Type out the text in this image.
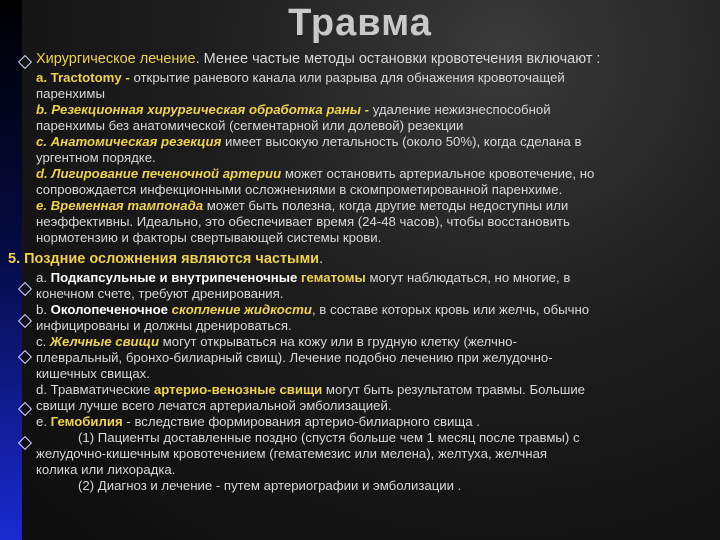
Травма
Хирургическое лечение. Менее частые методы остановки кровотечения включают :
a. Tractotomy - открытие раневого канала или разрыва для обнажения кровоточащей
паренхимы
b. Резекционная хирургическая обработка раны - удаление нежизнеспособной
паренхимы без анатомической (сегментарной или долевой) резекции
c. Анатомическая резекция имеет высокую летальность (около 50%), когда сделана в
ургентном порядке.
d. Лигирование печеночной артерии может остановить артериальное кровотечение, но
сопровождается инфекционными осложнениями в скомпрометированной паренхиме.
e. Временная тампонада может быть полезна, когда другие методы недоступны или
неэффективны. Идеально, это обеспечивает время (24-48 часов), чтобы восстановить
нормотензию и факторы свертывающей системы крови.
5. Поздние осложнения являются частыми.
a. Подкапсульные и внутрипеченочные гематомы могут наблюдаться, но многие, в
конечном счете, требуют дренирования.
b. Околопеченочное скопление жидкости, в составе которых кровь или желчь, обычно
инфицированы и должны дренироваться.
c. Желчные свищи могут открываться на кожу или в грудную клетку (желчно-
плевральный, бронхо-билиарный свищ). Лечение подобно лечению при желудочно-
кишечных свищах.
d. Травматические артерио-венозные свищи могут быть результатом травмы. Большие
свищи лучше всего лечатся артериальной эмболизацией.
e. Гемобилия - вследствие формирования артерио-билиарного свища .
(1) Пациенты доставленные поздно (спустя больше чем 1 месяц после травмы) с
желудочно-кишечным кровотечением (гематемезис или мелена), желтуха, желчная
колика или лихорадка.
(2) Диагноз и лечение - путем артериографии и эмболизации .
